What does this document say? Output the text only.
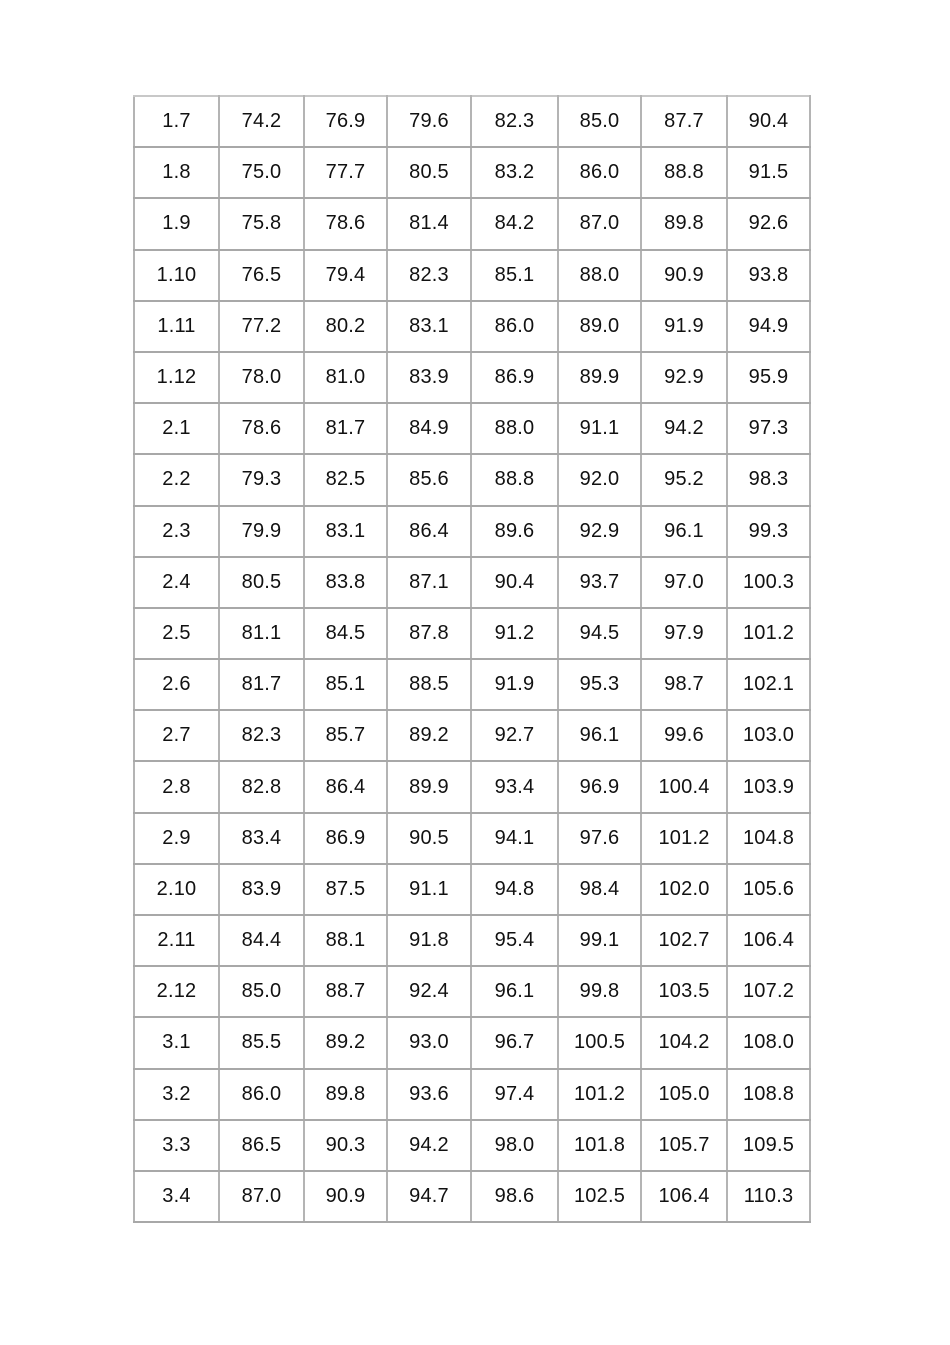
1.7	74.2	76.9	79.6	82.3	85.0	87.7	90.4
1.8	75.0	77.7	80.5	83.2	86.0	88.8	91.5
1.9	75.8	78.6	81.4	84.2	87.0	89.8	92.6
1.10	76.5	79.4	82.3	85.1	88.0	90.9	93.8
1.11	77.2	80.2	83.1	86.0	89.0	91.9	94.9
1.12	78.0	81.0	83.9	86.9	89.9	92.9	95.9
2.1	78.6	81.7	84.9	88.0	91.1	94.2	97.3
2.2	79.3	82.5	85.6	88.8	92.0	95.2	98.3
2.3	79.9	83.1	86.4	89.6	92.9	96.1	99.3
2.4	80.5	83.8	87.1	90.4	93.7	97.0	100.3
2.5	81.1	84.5	87.8	91.2	94.5	97.9	101.2
2.6	81.7	85.1	88.5	91.9	95.3	98.7	102.1
2.7	82.3	85.7	89.2	92.7	96.1	99.6	103.0
2.8	82.8	86.4	89.9	93.4	96.9	100.4	103.9
2.9	83.4	86.9	90.5	94.1	97.6	101.2	104.8
2.10	83.9	87.5	91.1	94.8	98.4	102.0	105.6
2.11	84.4	88.1	91.8	95.4	99.1	102.7	106.4
2.12	85.0	88.7	92.4	96.1	99.8	103.5	107.2
3.1	85.5	89.2	93.0	96.7	100.5	104.2	108.0
3.2	86.0	89.8	93.6	97.4	101.2	105.0	108.8
3.3	86.5	90.3	94.2	98.0	101.8	105.7	109.5
3.4	87.0	90.9	94.7	98.6	102.5	106.4	110.3
